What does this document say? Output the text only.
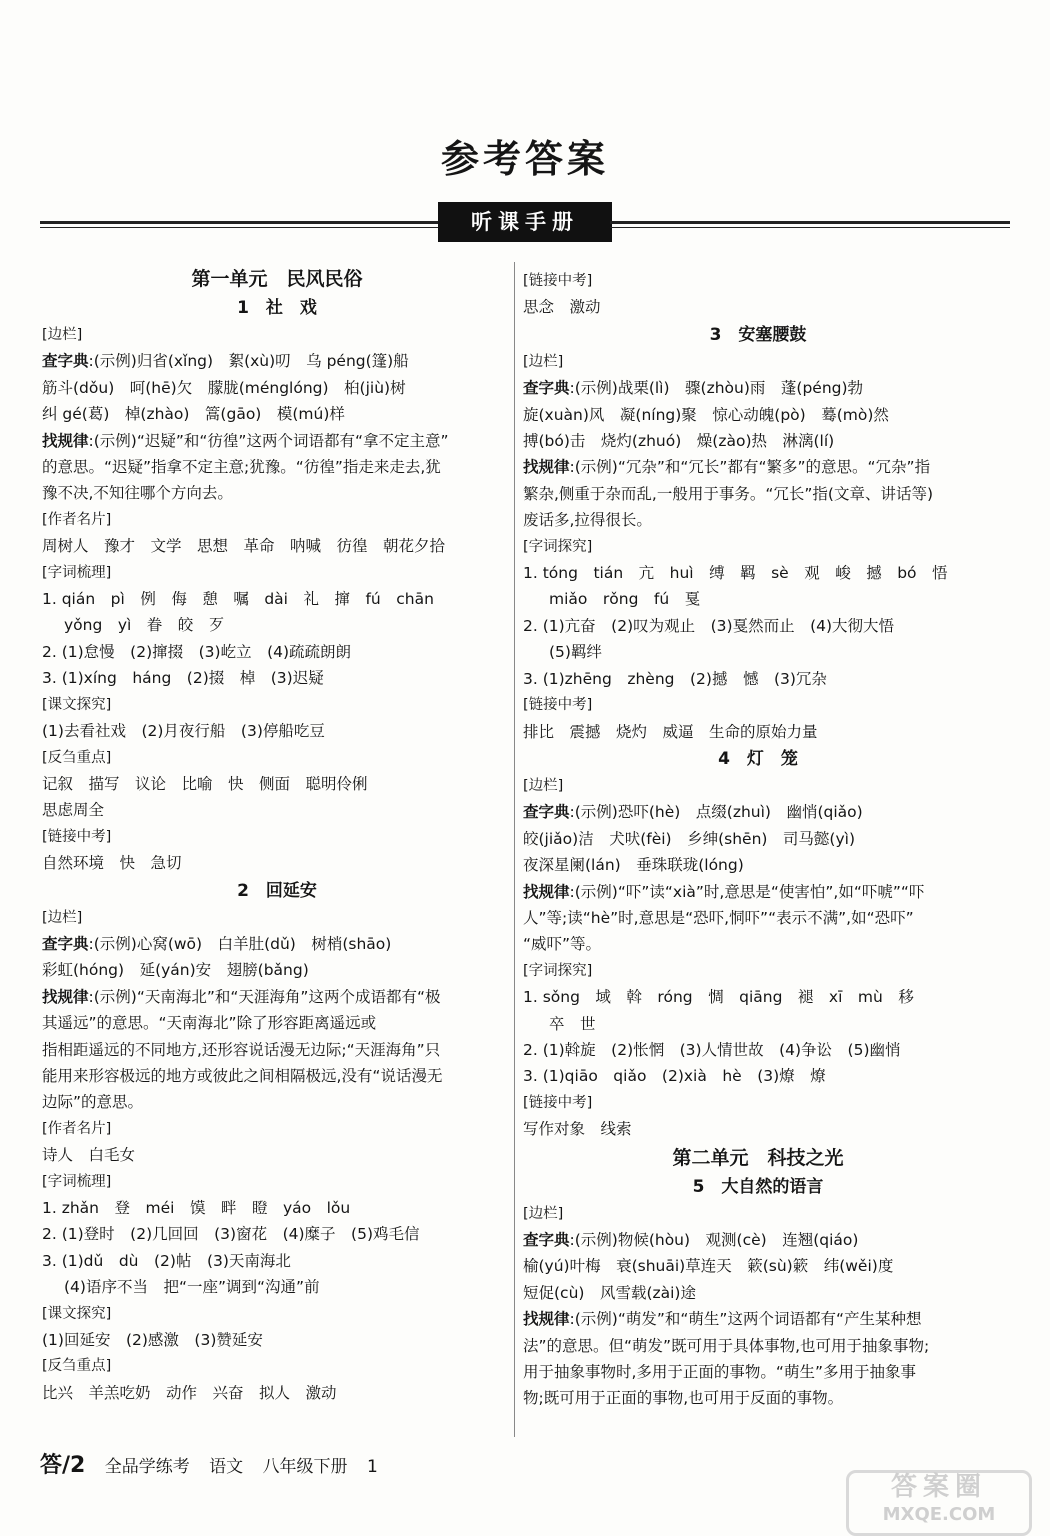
参考答案
听课手册
第一单元　民风民俗
1　社　戏
[边栏]
查字典:(示例)归省(xǐng)　絮(xù)叨　乌 péng(篷)船
筋斗(dǒu)　呵(hē)欠　朦胧(ménglóng)　桕(jiù)树
纠 gé(葛)　棹(zhào)　篙(gāo)　模(mú)样
找规律:(示例)“迟疑”和“彷徨”这两个词语都有“拿不定主意”
的意思。“迟疑”指拿不定主意;犹豫。“彷徨”指走来走去,犹
豫不决,不知往哪个方向去。
[作者名片]
周树人　豫才　文学　思想　革命　呐喊　彷徨　朝花夕拾
[字词梳理]
1. qián　pì　例　侮　憩　嘱　dài　礼　撺　fú　chān
yǒng　yì　眷　皎　歹
2. (1)怠慢　(2)撺掇　(3)屹立　(4)疏疏朗朗
3. (1)xíng　háng　(2)掇　棹　(3)迟疑
[课文探究]
(1)去看社戏　(2)月夜行船　(3)停船吃豆
[反刍重点]
记叙　描写　议论　比喻　快　侧面　聪明伶俐
思虑周全
[链接中考]
自然环境　快　急切
2　回延安
[边栏]
查字典:(示例)心窝(wō)　白羊肚(dǔ)　树梢(shāo)
彩虹(hóng)　延(yán)安　翅膀(bǎng)
找规律:(示例)“天南海北”和“天涯海角”这两个成语都有“极
其遥远”的意思。“天南海北”除了形容距离遥远或
指相距遥远的不同地方,还形容说话漫无边际;“天涯海角”只
能用来形容极远的地方或彼此之间相隔极远,没有“说话漫无
边际”的意思。
[作者名片]
诗人　白毛女
[字词梳理]
1. zhǎn　登　méi　馍　畔　瞪　yáo　lǒu
2. (1)登时　(2)几回回　(3)窗花　(4)糜子　(5)鸡毛信
3. (1)dǔ　dù　(2)帖　(3)天南海北
(4)语序不当　把“一座”调到“沟通”前
[课文探究]
(1)回延安　(2)感激　(3)赞延安
[反刍重点]
比兴　羊羔吃奶　动作　兴奋　拟人　激动
[链接中考]
思念　激动
3　安塞腰鼓
[边栏]
查字典:(示例)战栗(lì)　骤(zhòu)雨　蓬(péng)勃
旋(xuàn)风　凝(níng)聚　惊心动魄(pò)　蓦(mò)然
搏(bó)击　烧灼(zhuó)　燥(zào)热　淋漓(lí)
找规律:(示例)“冗杂”和“冗长”都有“繁多”的意思。“冗杂”指
繁杂,侧重于杂而乱,一般用于事务。“冗长”指(文章、讲话等)
废话多,拉得很长。
[字词探究]
1. tóng　tián　亢　huì　缚　羁　sè　观　峻　撼　bó　悟
miǎo　rǒng　fú　戛
2. (1)亢奋　(2)叹为观止　(3)戛然而止　(4)大彻大悟
(5)羁绊
3. (1)zhēng　zhèng　(2)撼　憾　(3)冗杂
[链接中考]
排比　震撼　烧灼　威逼　生命的原始力量
4　灯　笼
[边栏]
查字典:(示例)恐吓(hè)　点缀(zhuì)　幽悄(qiǎo)
皎(jiǎo)洁　犬吠(fèi)　乡绅(shēn)　司马懿(yì)
夜深星阑(lán)　垂珠联珑(lóng)
找规律:(示例)“吓”读“xià”时,意思是“使害怕”,如“吓唬”“吓
人”等;读“hè”时,意思是“恐吓,恫吓”“表示不满”,如“恐吓”
“威吓”等。
[字词探究]
1. sǒng　域　斡　róng　惆　qiāng　褪　xī　mù　移
卒　世
2. (1)斡旋　(2)怅惘　(3)人情世故　(4)争讼　(5)幽悄
3. (1)qiāo　qiǎo　(2)xià　hè　(3)燎　燎
[链接中考]
写作对象　线索
第二单元　科技之光
5　大自然的语言
[边栏]
查字典:(示例)物候(hòu)　观测(cè)　连翘(qiáo)
榆(yú)叶梅　衰(shuāi)草连天　簌(sù)簌　纬(wěi)度
短促(cù)　风雪载(zài)途
找规律:(示例)“萌发”和“萌生”这两个词语都有“产生某种想
法”的意思。但“萌发”既可用于具体事物,也可用于抽象事物;
用于抽象事物时,多用于正面的事物。“萌生”多用于抽象事
物;既可用于正面的事物,也可用于反面的事物。
答/2 全品学练考 语文 八年级下册 1
答案圈
MXQE.COM
